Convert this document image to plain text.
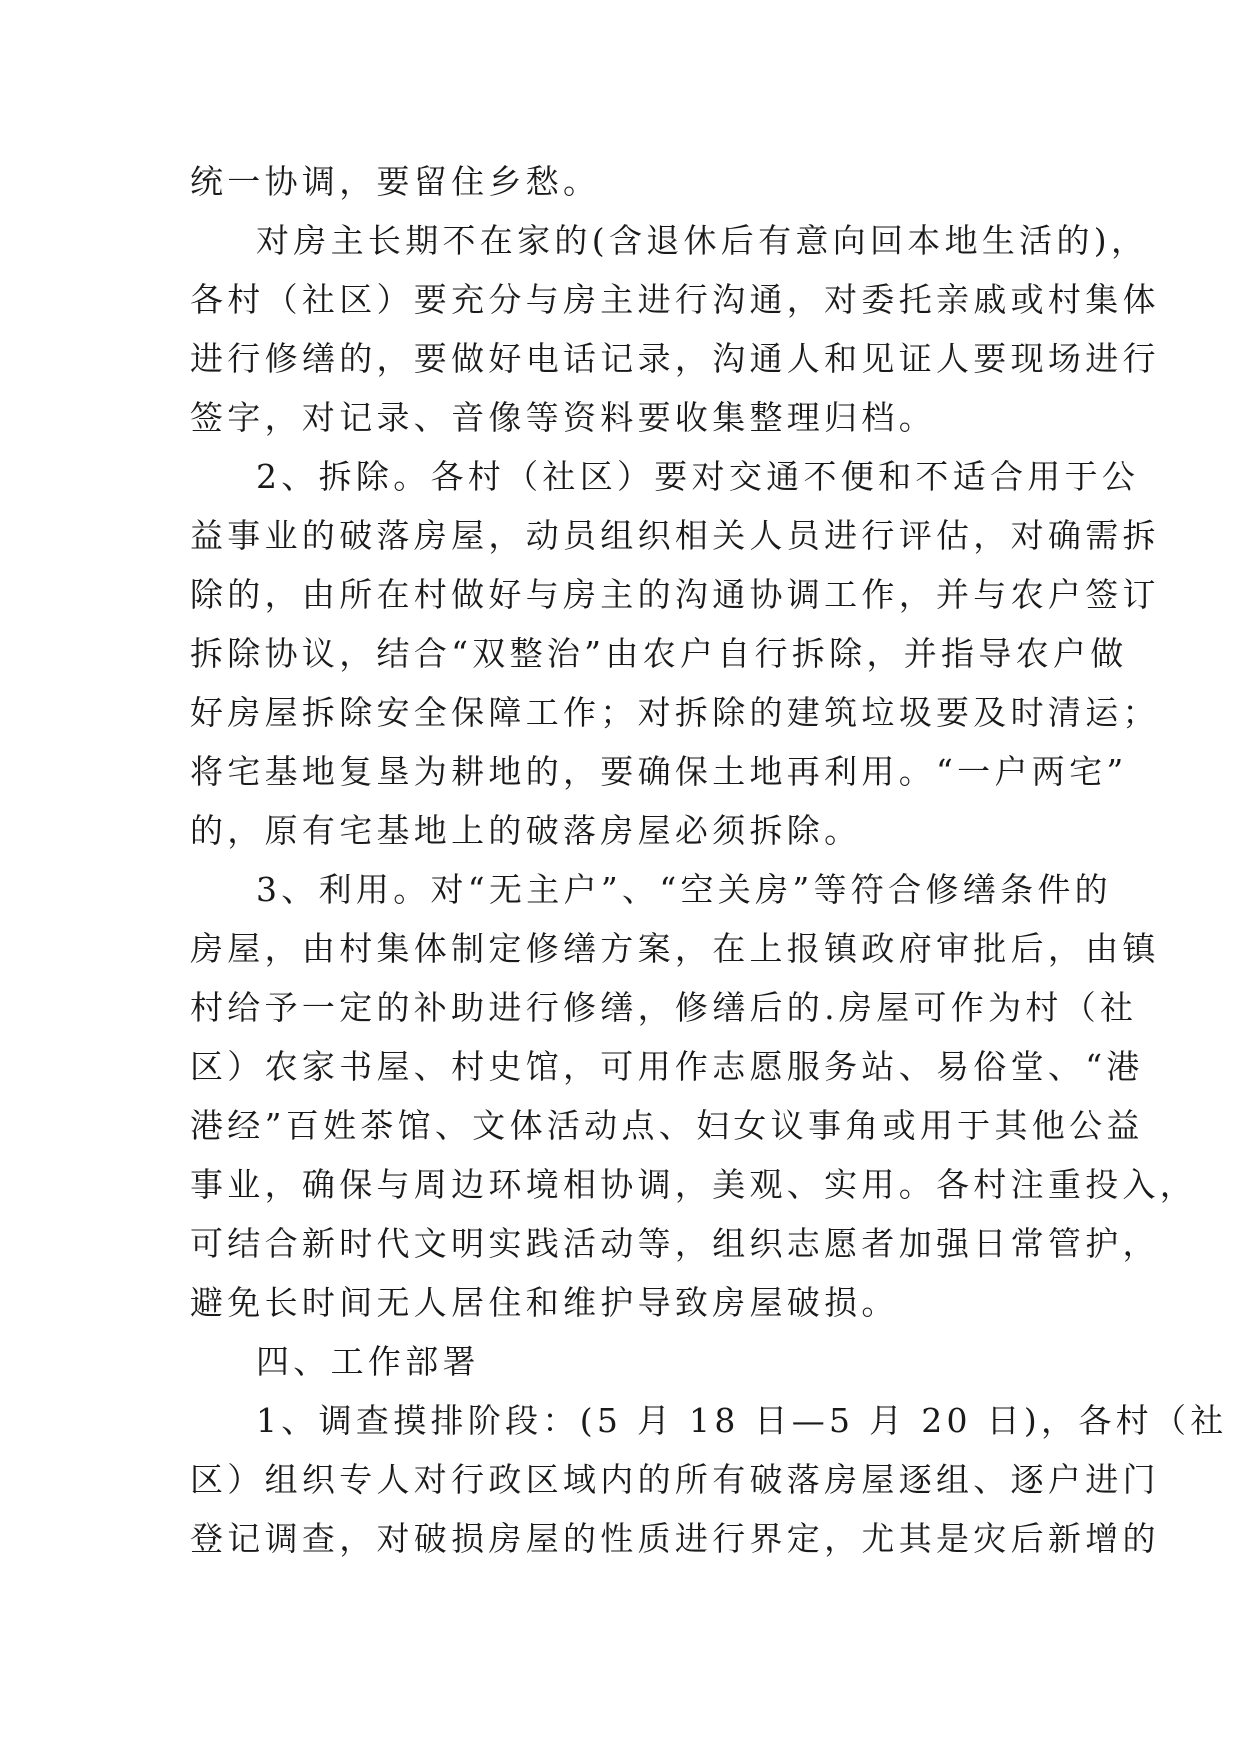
统一协调，要留住乡愁。
对房主长期不在家的(含退休后有意向回本地生活的)，
各村（社区）要充分与房主进行沟通，对委托亲戚或村集体
进行修缮的，要做好电话记录，沟通人和见证人要现场进行
签字，对记录、音像等资料要收集整理归档。
2、拆除。各村（社区）要对交通不便和不适合用于公
益事业的破落房屋，动员组织相关人员进行评估，对确需拆
除的，由所在村做好与房主的沟通协调工作，并与农户签订
拆除协议，结合“双整治”由农户自行拆除，并指导农户做
好房屋拆除安全保障工作；对拆除的建筑垃圾要及时清运；
将宅基地复垦为耕地的，要确保土地再利用。“一户两宅”
的，原有宅基地上的破落房屋必须拆除。
3、利用。对“无主户”、“空关房”等符合修缮条件的
房屋，由村集体制定修缮方案，在上报镇政府审批后，由镇
村给予一定的补助进行修缮，修缮后的.房屋可作为村（社
区）农家书屋、村史馆，可用作志愿服务站、易俗堂、“港
港经”百姓茶馆、文体活动点、妇女议事角或用于其他公益
事业，确保与周边环境相协调，美观、实用。各村注重投入，
可结合新时代文明实践活动等，组织志愿者加强日常管护，
避免长时间无人居住和维护导致房屋破损。
四、工作部署
1、调查摸排阶段：(5 月 18 日—5 月 20 日)，各村（社
区）组织专人对行政区域内的所有破落房屋逐组、逐户进门
登记调查，对破损房屋的性质进行界定，尤其是灾后新增的
